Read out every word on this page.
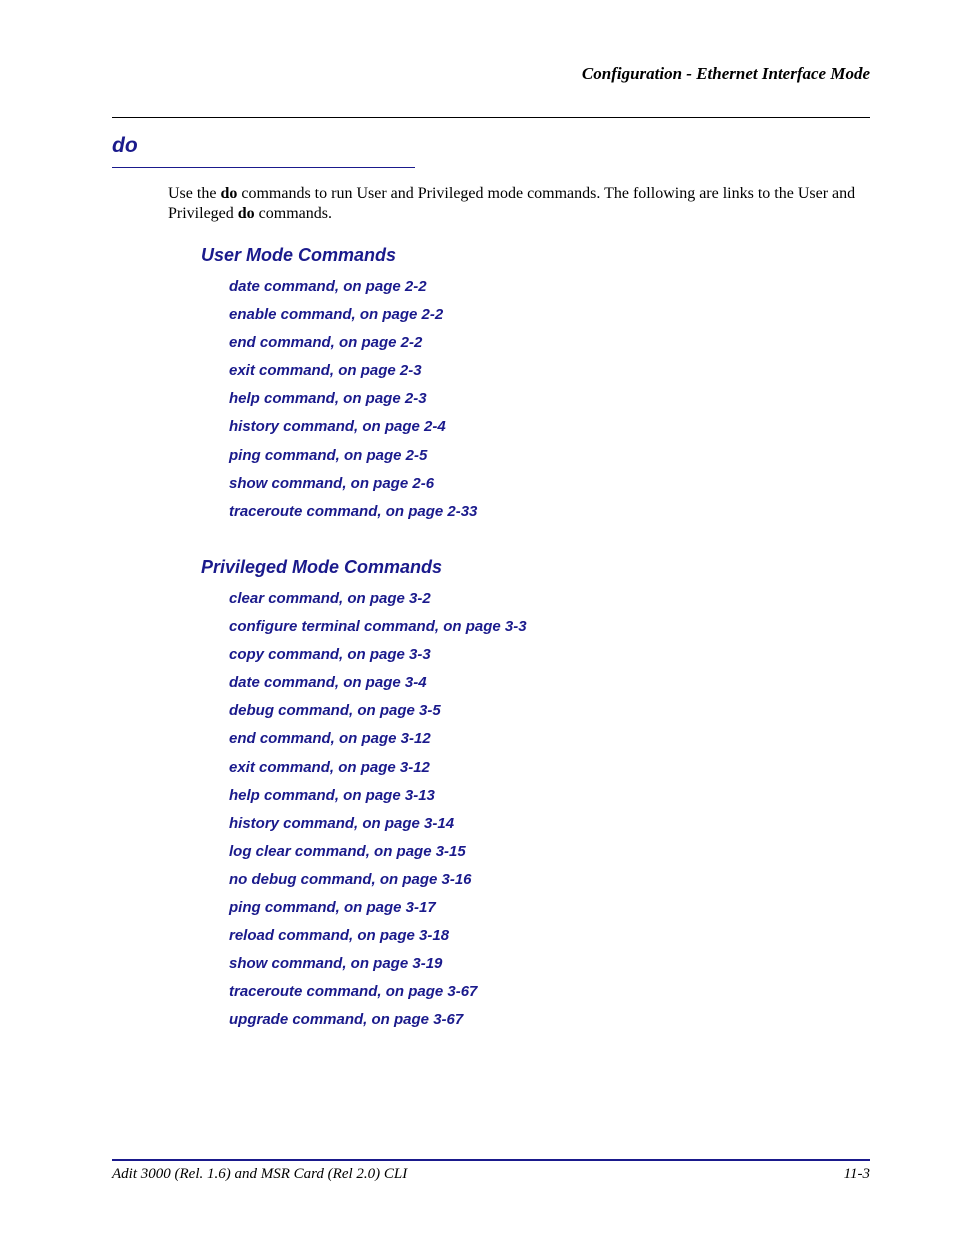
Configuration - Ethernet Interface Mode
do
Use the do commands to run User and Privileged mode commands. The following are links to the User and Privileged do commands.
User Mode Commands
date command, on page 2-2
enable command, on page 2-2
end command, on page 2-2
exit command, on page 2-3
help command, on page 2-3
history command, on page 2-4
ping command, on page 2-5
show command, on page 2-6
traceroute command, on page 2-33
Privileged Mode Commands
clear command, on page 3-2
configure terminal command, on page 3-3
copy command, on page 3-3
date command, on page 3-4
debug command, on page 3-5
end command, on page 3-12
exit command, on page 3-12
help command, on page 3-13
history command, on page 3-14
log clear command, on page 3-15
no debug command, on page 3-16
ping command, on page 3-17
reload command, on page 3-18
show command, on page 3-19
traceroute command, on page 3-67
upgrade command, on page 3-67
Adit 3000 (Rel. 1.6) and MSR Card (Rel 2.0) CLI	11-3
